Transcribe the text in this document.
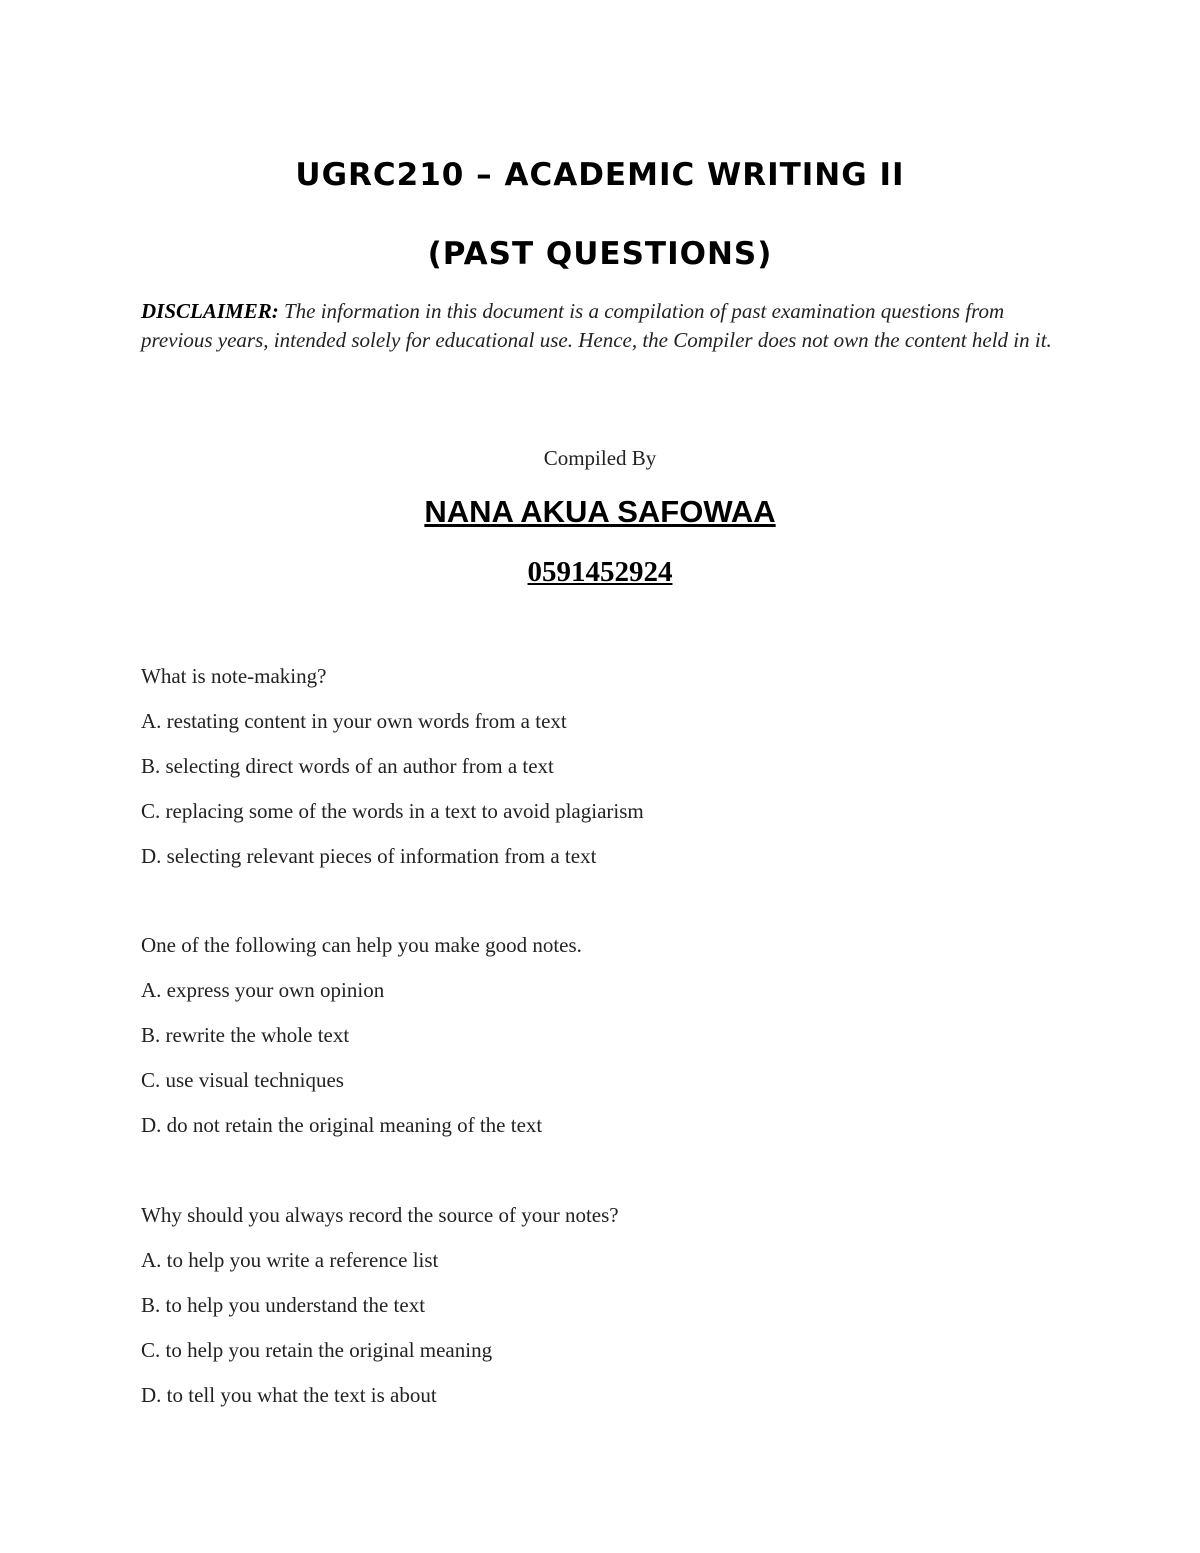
UGRC210 – ACADEMIC WRITING II
(PAST QUESTIONS)
DISCLAIMER: The information in this document is a compilation of past examination questions from previous years, intended solely for educational use. Hence, the Compiler does not own the content held in it.
Compiled By
NANA AKUA SAFOWAA
0591452924
What is note-making?
A. restating content in your own words from a text
B. selecting direct words of an author from a text
C. replacing some of the words in a text to avoid plagiarism
D. selecting relevant pieces of information from a text
One of the following can help you make good notes.
A. express your own opinion
B. rewrite the whole text
C. use visual techniques
D. do not retain the original meaning of the text
Why should you always record the source of your notes?
A. to help you write a reference list
B. to help you understand the text
C. to help you retain the original meaning
D. to tell you what the text is about
